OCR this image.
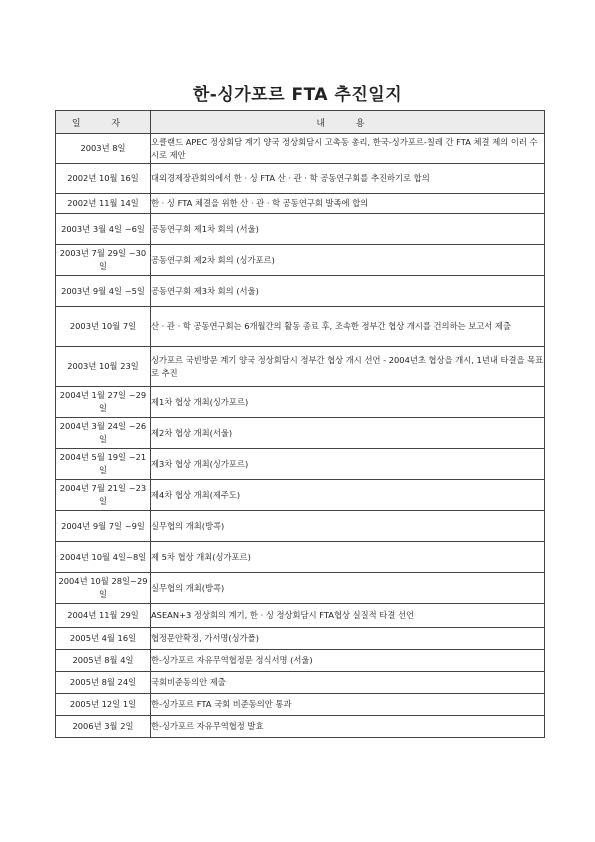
한-싱가포르 FTA 추진일지
일 자	내 용
2003년 8일	오클랜드 APEC 정상회담 계기 양국 정상회담시 고촉동 총리, 한국-싱가포르-칠레 간 FTA 체결 제의 이러 수시로 제안
2002년 10월 16일	대외경제장관회의에서 한 · 싱 FTA 산 · 관 · 학 공동연구회를 추진하기로 합의
2002년 11월 14일	한 · 싱 FTA 체결을 위한 산 · 관 · 학 공동연구회 발족에 합의
2003년 3월 4일 ~6일	공동연구회 제1차 회의 (서울)
2003년 7월 29일 ~30일	공동연구회 제2차 회의 (싱가포르)
2003년 9월 4일 ~5일	공동연구회 제3차 회의 (서울)
2003년 10월 7일	산 · 관 · 학 공동연구회는 6개월간의 활동 종료 후, 조속한 정부간 협상 개시를 건의하는 보고서 제출
2003년 10월 23일	싱가포르 국빈방문 계기 양국 정상회담시 정부간 협상 개시 선언 - 2004년초 협상을 개시, 1년내 타결을 목표로 추진
2004년 1월 27일 ~29일	제1차 협상 개최(싱가포르)
2004년 3월 24일 ~26일	제2차 협상 개최(서울)
2004년 5월 19일 ~21일	제3차 협상 개최(싱가포르)
2004년 7월 21일 ~23일	제4차 협상 개최(제주도)
2004년 9월 7일 ~9일	실무협의 개최(방콕)
2004년 10월 4일~8일	제 5차 협상 개최(싱가포르)
2004년 10월 28일~29일	실무협의 개최(방콕)
2004년 11월 29일	ASEAN+3 정상회의 계기, 한 · 싱 정상회담시 FTA협상 실질적 타결 선언
2005년 4월 16일	협정문안확정, 가서명(싱가폴)
2005년 8월 4일	한-싱가포르 자유무역협정문 정식서명 (서울)
2005년 8월 24일	국회비준동의안 제출
2005년 12일 1일	한-싱가포르 FTA 국회 비준동의안 통과
2006년 3월 2일	한-싱가포르 자유무역협정 발효
